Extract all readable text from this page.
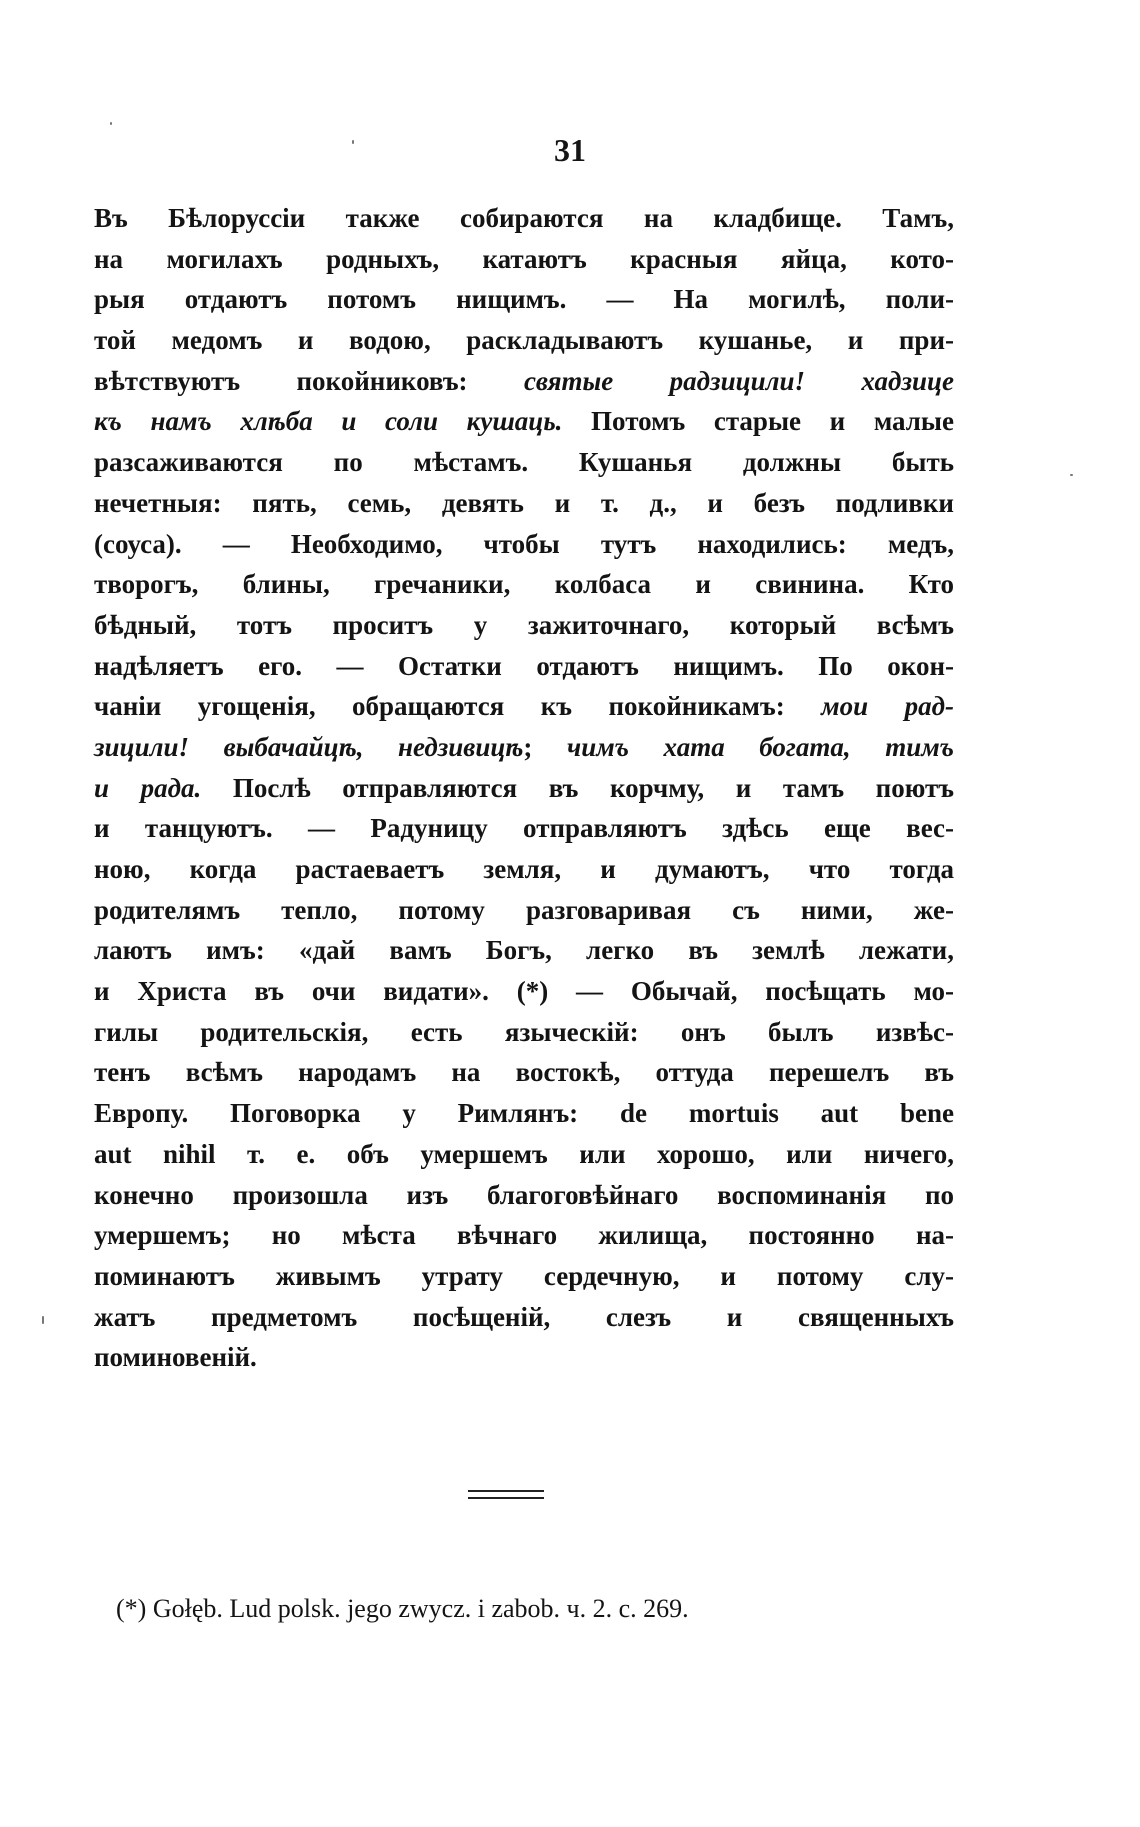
31
Въ Бѣлоруссіи также собираются на кладбище. Тамъ,
на могилахъ родныхъ, катаютъ красныя яйца, кото-
рыя отдаютъ потомъ нищимъ. — На могилѣ, поли-
той медомъ и водою, раскладываютъ кушанье, и при-
вѣтствуютъ покойниковъ: святые радзицили! хадзице
къ намъ хлѣба и соли кушаць. Потомъ старые и малые
разсаживаются по мѣстамъ. Кушанья должны быть
нечетныя: пять, семь, девять и т. д., и безъ подливки
(соуса). — Необходимо, чтобы тутъ находились: медъ,
творогъ, блины, гречаники, колбаса и свинина. Кто
бѣдный, тотъ проситъ у зажиточнаго, который всѣмъ
надѣляетъ его. — Остатки отдаютъ нищимъ. По окон-
чаніи угощенія, обращаются къ покойникамъ: мои рад-
зицили! выбачайцѣ, недзивицѣ; чимъ хата богата, тимъ
и рада. Послѣ отправляются въ корчму, и тамъ поютъ
и танцуютъ. — Радуницу отправляютъ здѣсь еще вес-
ною, когда растаеваетъ земля, и думаютъ, что тогда
родителямъ тепло, потому разговаривая съ ними, же-
лаютъ имъ: «дай вамъ Богъ, легко въ землѣ лежати,
и Христа въ очи видати». (*) — Обычай, посѣщать мо-
гилы родительскія, есть языческій: онъ былъ извѣс-
тенъ всѣмъ народамъ на востокѣ, оттуда перешелъ въ
Европу. Поговорка у Римлянъ: de mortuis aut bene
aut nihil т. е. объ умершемъ или хорошо, или ничего,
конечно произошла изъ благоговѣйнаго воспоминанія по
умершемъ; но мѣста вѣчнаго жилища, постоянно на-
поминаютъ живымъ утрату сердечную, и потому слу-
жатъ предметомъ посѣщеній, слезъ и священныхъ
поминовеній.
(*) Gołęb. Lud polsk. jego zwycz. i zabob. ч. 2. с. 269.
